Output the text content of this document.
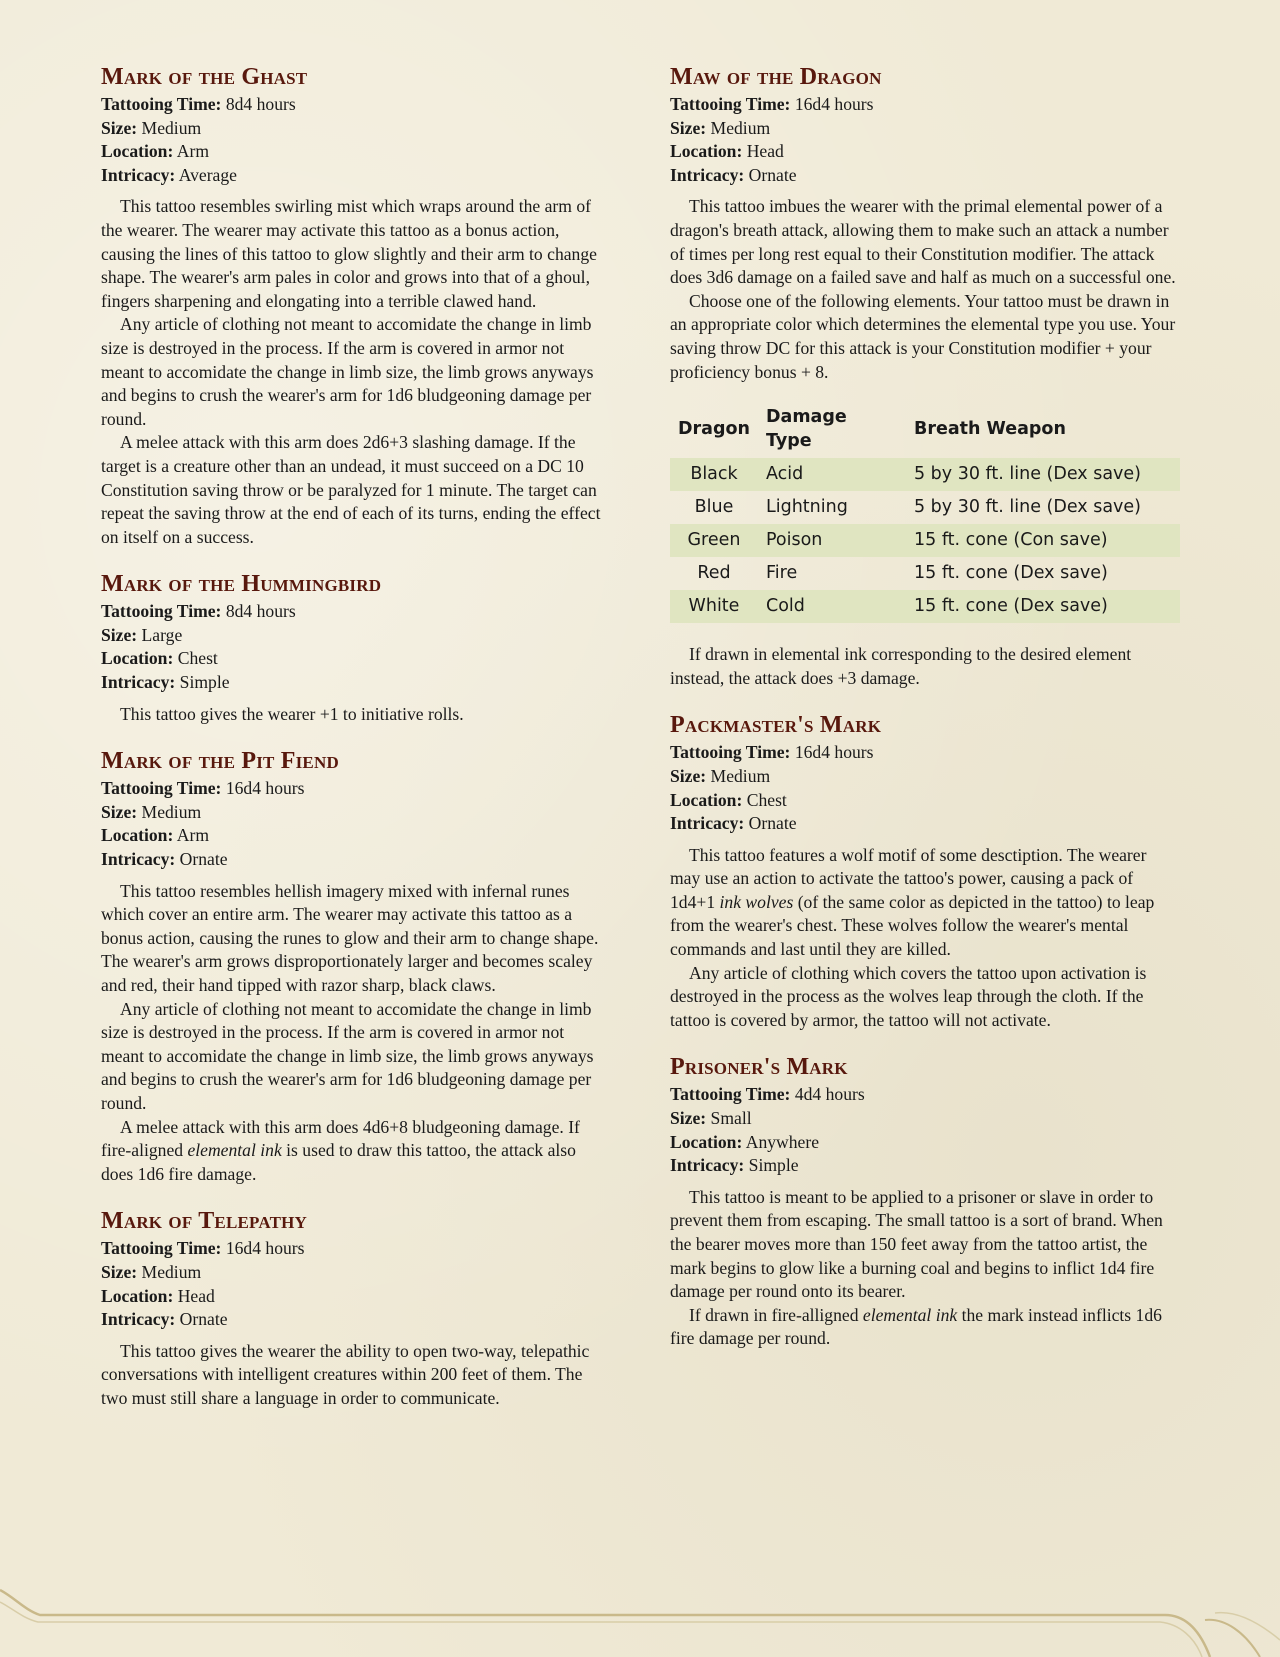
Mark of the Ghast
Tattooing Time: 8d4 hours
Size: Medium
Location: Arm
Intricacy: Average

This tattoo resembles swirling mist which wraps around the arm of the wearer. The wearer may activate this tattoo as a bonus action, causing the lines of this tattoo to glow slightly and their arm to change shape. The wearer's arm pales in color and grows into that of a ghoul, fingers sharpening and elongating into a terrible clawed hand.

Any article of clothing not meant to accomidate the change in limb size is destroyed in the process. If the arm is covered in armor not meant to accomidate the change in limb size, the limb grows anyways and begins to crush the wearer's arm for 1d6 bludgeoning damage per round.

A melee attack with this arm does 2d6+3 slashing damage. If the target is a creature other than an undead, it must succeed on a DC 10 Constitution saving throw or be paralyzed for 1 minute. The target can repeat the saving throw at the end of each of its turns, ending the effect on itself on a success.

Mark of the Hummingbird
Tattooing Time: 8d4 hours
Size: Large
Location: Chest
Intricacy: Simple

This tattoo gives the wearer +1 to initiative rolls.

Mark of the Pit Fiend
Tattooing Time: 16d4 hours
Size: Medium
Location: Arm
Intricacy: Ornate

This tattoo resembles hellish imagery mixed with infernal runes which cover an entire arm. The wearer may activate this tattoo as a bonus action, causing the runes to glow and their arm to change shape. The wearer's arm grows disproportionately larger and becomes scaley and red, their hand tipped with razor sharp, black claws.

Any article of clothing not meant to accomidate the change in limb size is destroyed in the process. If the arm is covered in armor not meant to accomidate the change in limb size, the limb grows anyways and begins to crush the wearer's arm for 1d6 bludgeoning damage per round.

A melee attack with this arm does 4d6+8 bludgeoning damage. If fire-aligned elemental ink is used to draw this tattoo, the attack also does 1d6 fire damage.

Mark of Telepathy
Tattooing Time: 16d4 hours
Size: Medium
Location: Head
Intricacy: Ornate

This tattoo gives the wearer the ability to open two-way, telepathic conversations with intelligent creatures within 200 feet of them. The two must still share a language in order to communicate.

Maw of the Dragon
Tattooing Time: 16d4 hours
Size: Medium
Location: Head
Intricacy: Ornate

This tattoo imbues the wearer with the primal elemental power of a dragon's breath attack, allowing them to make such an attack a number of times per long rest equal to their Constitution modifier. The attack does 3d6 damage on a failed save and half as much on a successful one.

Choose one of the following elements. Your tattoo must be drawn in an appropriate color which determines the elemental type you use. Your saving throw DC for this attack is your Constitution modifier + your proficiency bonus + 8.

Dragon	Damage Type	Breath Weapon
Black	Acid	5 by 30 ft. line (Dex save)
Blue	Lightning	5 by 30 ft. line (Dex save)
Green	Poison	15 ft. cone (Con save)
Red	Fire	15 ft. cone (Dex save)
White	Cold	15 ft. cone (Dex save)

If drawn in elemental ink corresponding to the desired element instead, the attack does +3 damage.

Packmaster's Mark
Tattooing Time: 16d4 hours
Size: Medium
Location: Chest
Intricacy: Ornate

This tattoo features a wolf motif of some desctiption. The wearer may use an action to activate the tattoo's power, causing a pack of 1d4+1 ink wolves (of the same color as depicted in the tattoo) to leap from the wearer's chest. These wolves follow the wearer's mental commands and last until they are killed.

Any article of clothing which covers the tattoo upon activation is destroyed in the process as the wolves leap through the cloth. If the tattoo is covered by armor, the tattoo will not activate.

Prisoner's Mark
Tattooing Time: 4d4 hours
Size: Small
Location: Anywhere
Intricacy: Simple

This tattoo is meant to be applied to a prisoner or slave in order to prevent them from escaping. The small tattoo is a sort of brand. When the bearer moves more than 150 feet away from the tattoo artist, the mark begins to glow like a burning coal and begins to inflict 1d4 fire damage per round onto its bearer.

If drawn in fire-alligned elemental ink the mark instead inflicts 1d6 fire damage per round.
